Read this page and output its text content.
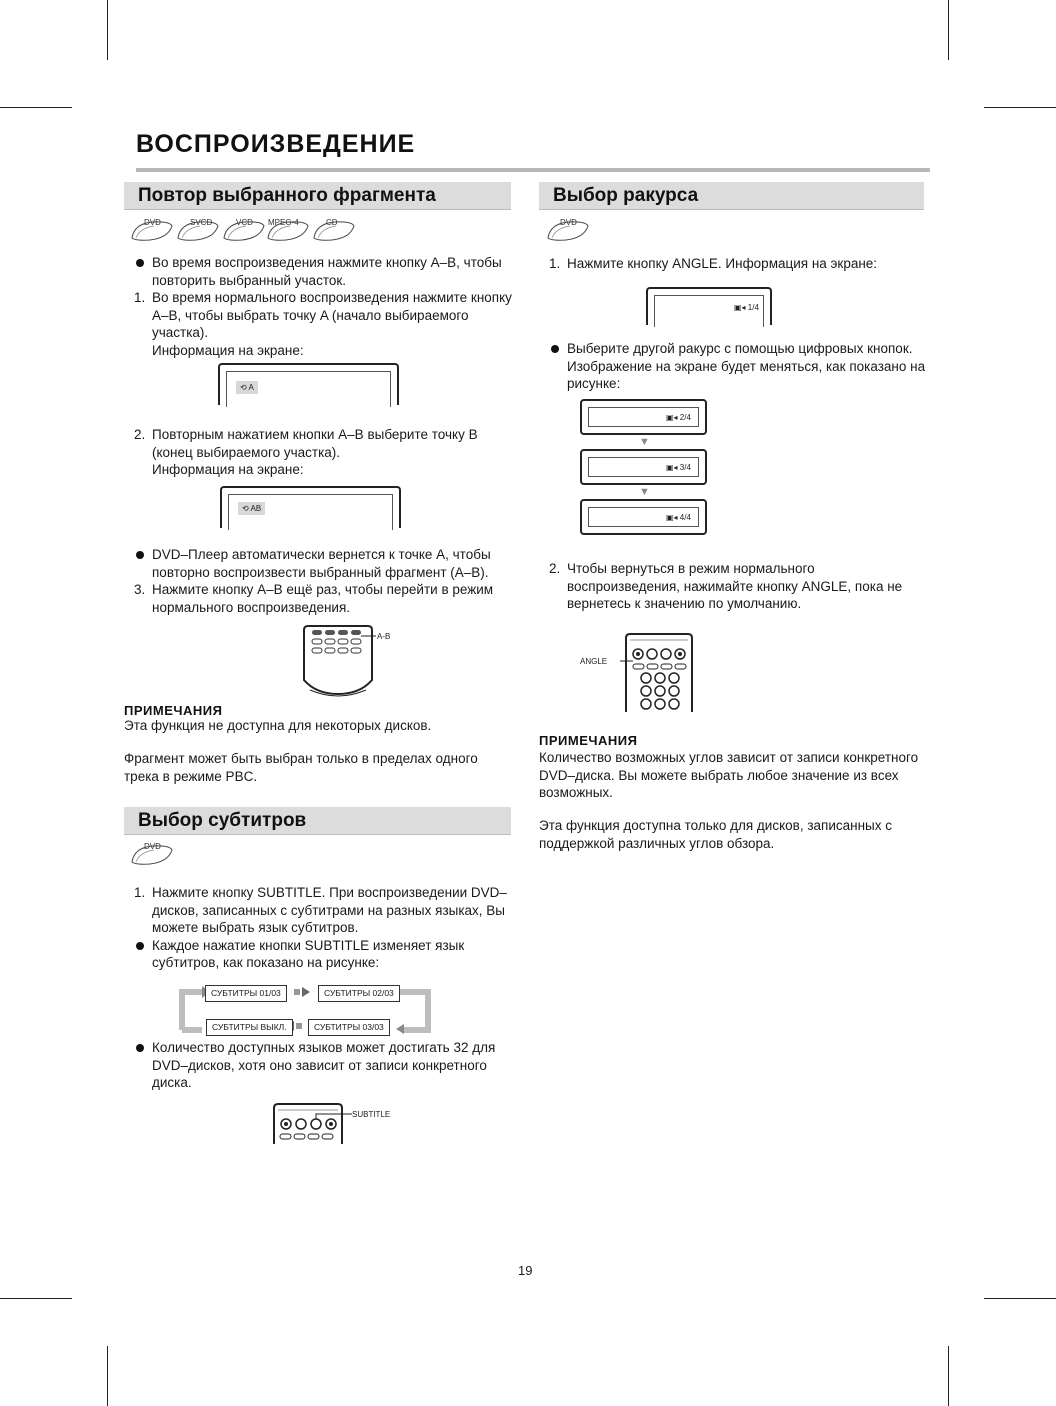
ВОСПРОИЗВЕДЕНИЕ
Повтор выбранного фрагмента
DVD	SVCD	VCD MPEG-4	CD
Во время воспроизведения нажмите кнопку A–B, чтобы повторить выбранный участок.
1. Во время нормального воспроизведения нажмите кнопку A–B, чтобы выбрать точку A (начало выбираемого участка).
Информация на экране:
⟲ A
2. Повторным нажатием кнопки A–B выберите точку B (конец выбираемого участка).
Информация на экране:
⟲ AB
DVD–Плеер автоматически вернется к точке A, чтобы повторно воспроизвести выбранный фрагмент (A–B).
3. Нажмите кнопку A–B ещё раз, чтобы перейти в режим нормального воспроизведения.
A-B
ПРИМЕЧАНИЯ
Эта функция не доступна для некоторых дисков.
Фрагмент может быть выбран только в пределах одного трека в режиме PBC.
Выбор субтитров
DVD
1. Нажмите кнопку SUBTITLE. При воспроизведении DVD–дисков, записанных с субтитрами на разных языках, Вы можете выбрать язык субтитров.
Каждое нажатие кнопки SUBTITLE изменяет язык субтитров, как показано на рисунке:
СУБТИТРЫ 01/03	СУБТИТРЫ 02/03
СУБТИТРЫ ВЫКЛ.	СУБТИТРЫ 03/03
Количество доступных языков может достигать 32 для DVD–дисков, хотя оно зависит от записи конкретного диска.
SUBTITLE
Выбор ракурса
DVD
1. Нажмите кнопку ANGLE. Информация на экране:
▣◂ 1/4
Выберите другой ракурс с помощью цифровых кнопок. Изображение на экране будет меняться, как показано на рисунке:
▣◂ 2/4
▼
▣◂ 3/4
▼
▣◂ 4/4
2. Чтобы вернуться в режим нормального воспроизведения, нажимайте кнопку ANGLE, пока не вернетесь к значению по умолчанию.
ANGLE
ПРИМЕЧАНИЯ
Количество возможных углов зависит от записи конкретного DVD–диска. Вы можете выбрать любое значение из всех возможных.
Эта функция доступна только для дисков, записанных с поддержкой различных углов обзора.
19
